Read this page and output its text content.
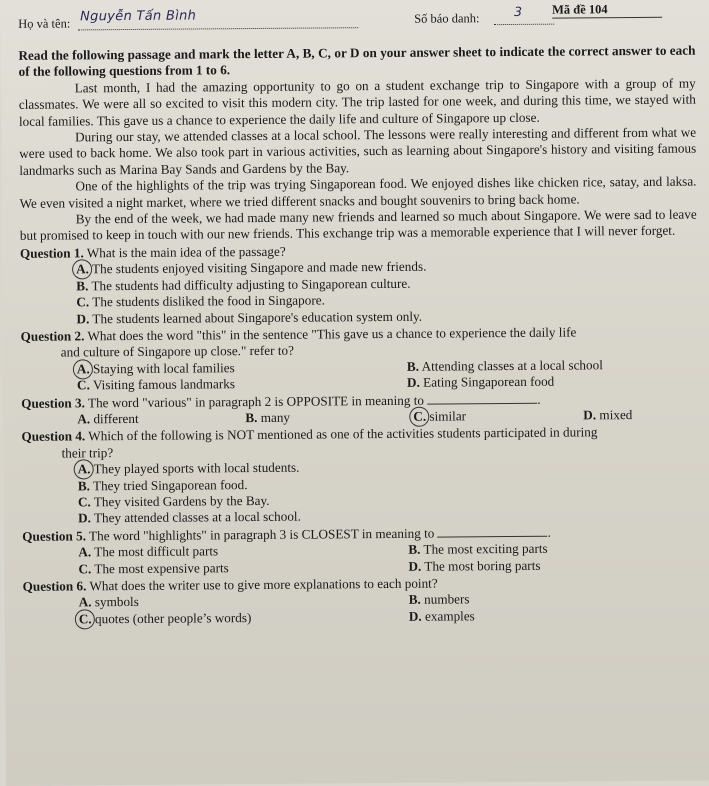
Họ và tên: Nguyễn Tấn Bình	Số báo danh:	3 Mã đề 104

Read the following passage and mark the letter A, B, C, or D on your answer sheet to indicate the correct answer to each of the following questions from 1 to 6.

Last month, I had the amazing opportunity to go on a student exchange trip to Singapore with a group of my classmates. We were all so excited to visit this modern city. The trip lasted for one week, and during this time, we stayed with local families. This gave us a chance to experience the daily life and culture of Singapore up close.

During our stay, we attended classes at a local school. The lessons were really interesting and different from what we were used to back home. We also took part in various activities, such as learning about Singapore's history and visiting famous landmarks such as Marina Bay Sands and Gardens by the Bay.

One of the highlights of the trip was trying Singaporean food. We enjoyed dishes like chicken rice, satay, and laksa. We even visited a night market, where we tried different snacks and bought souvenirs to bring back home.

By the end of the week, we had made many new friends and learned so much about Singapore. We were sad to leave but promised to keep in touch with our new friends. This exchange trip was a memorable experience that I will never forget.

Question 1. What is the main idea of the passage?
A. The students enjoyed visiting Singapore and made new friends.
B. The students had difficulty adjusting to Singaporean culture.
C. The students disliked the food in Singapore.
D. The students learned about Singapore's education system only.
Question 2. What does the word "this" in the sentence "This gave us a chance to experience the daily life
and culture of Singapore up close." refer to?
A. Staying with local families	B. Attending classes at a local school
C. Visiting famous landmarks	D. Eating Singaporean food
Question 3. The word "various" in paragraph 2 is OPPOSITE in meaning to	.
A. different	B. many	C. similar	D. mixed
Question 4. Which of the following is NOT mentioned as one of the activities students participated in during
their trip?
A. They played sports with local students.
B. They tried Singaporean food.
C. They visited Gardens by the Bay.
D. They attended classes at a local school.
Question 5. The word "highlights" in paragraph 3 is CLOSEST in meaning to	.
A. The most difficult parts	B. The most exciting parts
C. The most expensive parts	D. The most boring parts
Question 6. What does the writer use to give more explanations to each point?
A. symbols	B. numbers
C. quotes (other people’s words)	D. examples
